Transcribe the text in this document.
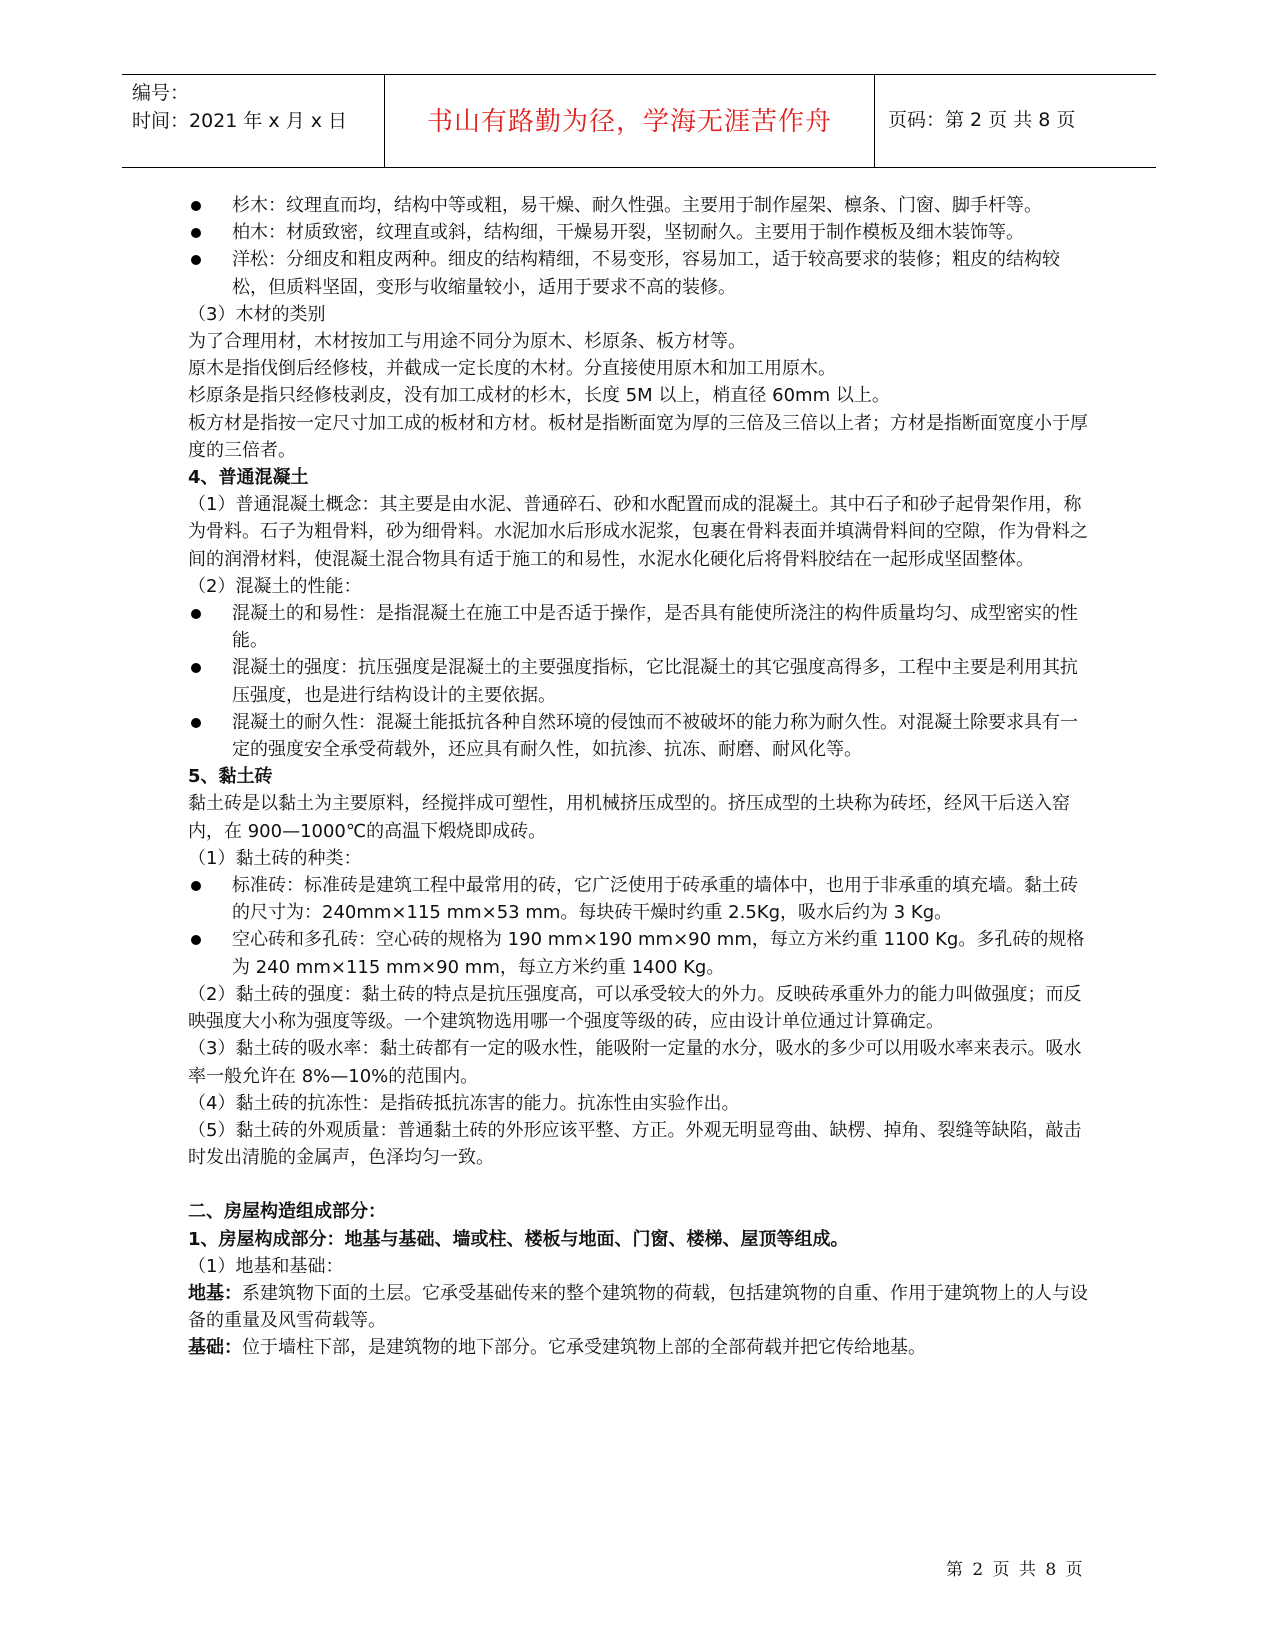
编号：
时间：2021 年 x 月 x 日	书山有路勤为径，学海无涯苦作舟	页码：第 2 页 共 8 页
杉木：纹理直而均，结构中等或粗，易干燥、耐久性强。主要用于制作屋架、檩条、门窗、脚手杆等。
柏木：材质致密，纹理直或斜，结构细，干燥易开裂，坚韧耐久。主要用于制作模板及细木装饰等。
洋松：分细皮和粗皮两种。细皮的结构精细，不易变形，容易加工，适于较高要求的装修；粗皮的结构较松，但质料坚固，变形与收缩量较小，适用于要求不高的装修。

（3）木材的类别

为了合理用材，木材按加工与用途不同分为原木、杉原条、板方材等。

原木是指伐倒后经修枝，并截成一定长度的木材。分直接使用原木和加工用原木。

杉原条是指只经修枝剥皮，没有加工成材的杉木，长度 5M 以上，梢直径 60mm 以上。

板方材是指按一定尺寸加工成的板材和方材。板材是指断面宽为厚的三倍及三倍以上者；方材是指断面宽度小于厚度的三倍者。

4、普通混凝土

（1）普通混凝土概念：其主要是由水泥、普通碎石、砂和水配置而成的混凝土。其中石子和砂子起骨架作用，称为骨料。石子为粗骨料，砂为细骨料。水泥加水后形成水泥浆，包裹在骨料表面并填满骨料间的空隙，作为骨料之间的润滑材料，使混凝土混合物具有适于施工的和易性，水泥水化硬化后将骨料胶结在一起形成坚固整体。

（2）混凝土的性能：

混凝土的和易性：是指混凝土在施工中是否适于操作，是否具有能使所浇注的构件质量均匀、成型密实的性能。
混凝土的强度：抗压强度是混凝土的主要强度指标，它比混凝土的其它强度高得多，工程中主要是利用其抗压强度，也是进行结构设计的主要依据。
混凝土的耐久性：混凝土能抵抗各种自然环境的侵蚀而不被破坏的能力称为耐久性。对混凝土除要求具有一定的强度安全承受荷载外，还应具有耐久性，如抗渗、抗冻、耐磨、耐风化等。

5、黏土砖

黏土砖是以黏土为主要原料，经搅拌成可塑性，用机械挤压成型的。挤压成型的土块称为砖坯，经风干后送入窑内，在 900—1000℃的高温下煅烧即成砖。

（1）黏土砖的种类：

标准砖：标准砖是建筑工程中最常用的砖，它广泛使用于砖承重的墙体中，也用于非承重的填充墙。黏土砖的尺寸为：240mm×115 mm×53 mm。每块砖干燥时约重 2.5Kg，吸水后约为 3 Kg。
空心砖和多孔砖：空心砖的规格为 190 mm×190 mm×90 mm，每立方米约重 1100 Kg。多孔砖的规格为 240 mm×115 mm×90 mm，每立方米约重 1400 Kg。

（2）黏土砖的强度：黏土砖的特点是抗压强度高，可以承受较大的外力。反映砖承重外力的能力叫做强度；而反映强度大小称为强度等级。一个建筑物选用哪一个强度等级的砖，应由设计单位通过计算确定。

（3）黏土砖的吸水率：黏土砖都有一定的吸水性，能吸附一定量的水分，吸水的多少可以用吸水率来表示。吸水率一般允许在 8%—10%的范围内。

（4）黏土砖的抗冻性：是指砖抵抗冻害的能力。抗冻性由实验作出。

（5）黏土砖的外观质量：普通黏土砖的外形应该平整、方正。外观无明显弯曲、缺楞、掉角、裂缝等缺陷，敲击时发出清脆的金属声，色泽均匀一致。

二、房屋构造组成部分：

1、房屋构成部分：地基与基础、墙或柱、楼板与地面、门窗、楼梯、屋顶等组成。

（1）地基和基础：

地基：系建筑物下面的土层。它承受基础传来的整个建筑物的荷载，包括建筑物的自重、作用于建筑物上的人与设备的重量及风雪荷载等。

基础：位于墙柱下部，是建筑物的地下部分。它承受建筑物上部的全部荷载并把它传给地基。

第 2 页 共 8 页
